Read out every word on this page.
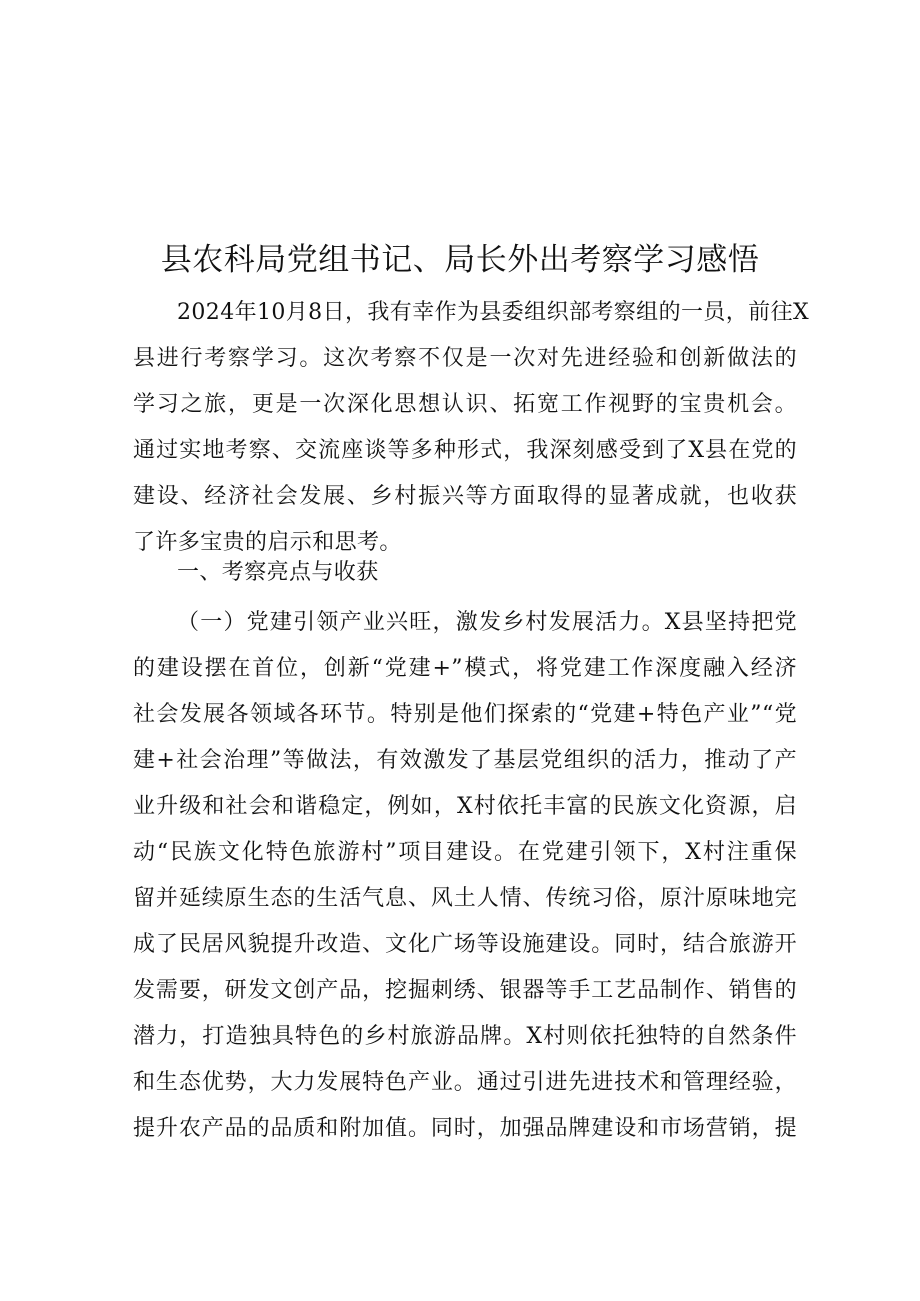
县农科局党组书记、局长外出考察学习感悟
2024年10月8日，我有幸作为县委组织部考察组的一员，前往X
县进行考察学习。这次考察不仅是一次对先进经验和创新做法的
学习之旅，更是一次深化思想认识、拓宽工作视野的宝贵机会。
通过实地考察、交流座谈等多种形式，我深刻感受到了X县在党的
建设、经济社会发展、乡村振兴等方面取得的显著成就，也收获
了许多宝贵的启示和思考。
一、考察亮点与收获
（一）党建引领产业兴旺，激发乡村发展活力。X县坚持把党
的建设摆在首位，创新“党建+”模式，将党建工作深度融入经济
社会发展各领域各环节。特别是他们探索的“党建+特色产业”“党
建+社会治理”等做法，有效激发了基层党组织的活力，推动了产
业升级和社会和谐稳定，例如，X村依托丰富的民族文化资源，启
动“民族文化特色旅游村”项目建设。在党建引领下，X村注重保
留并延续原生态的生活气息、风土人情、传统习俗，原汁原味地完
成了民居风貌提升改造、文化广场等设施建设。同时，结合旅游开
发需要，研发文创产品，挖掘刺绣、银器等手工艺品制作、销售的
潜力，打造独具特色的乡村旅游品牌。X村则依托独特的自然条件
和生态优势，大力发展特色产业。通过引进先进技术和管理经验，
提升农产品的品质和附加值。同时，加强品牌建设和市场营销，提
